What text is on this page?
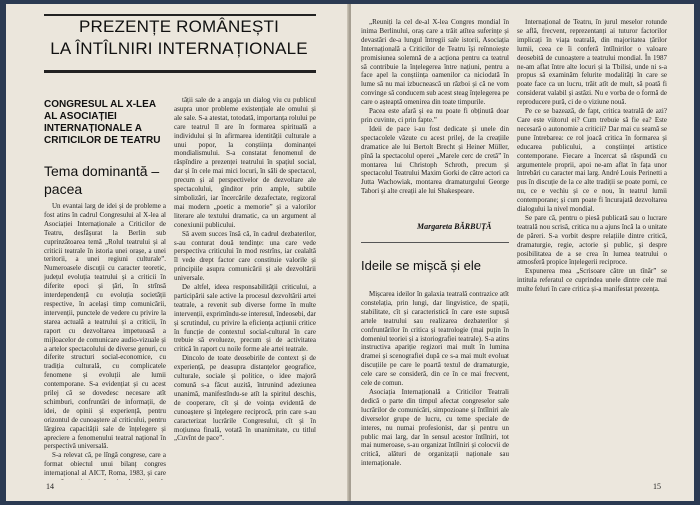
PREZENȚE ROMÂNEȘTI
LA ÎNTÎLNIRI INTERNAȚIONALE
CONGRESUL AL X-LEA AL ASOCIAȚIEI INTERNAȚIONALE A CRITICILOR DE TEATRU
Tema dominantă – pacea

Un evantai larg de idei și de probleme a fost atins în cadrul Congresului al X-lea al Asociației Internaționale a Criticilor de Teatru, desfășurat la Berlin sub cuprinzătoarea temă „Rolul teatrului și al criticii teatrale în istoria unei orașe, a unei teritorii, a unei regiuni culturale”. Numeroasele discuții cu caracter teoretic, județul evoluția teatrului și a criticii în diferite epoci și țări, în strînsă interdependență cu evoluția societății respective, în același timp comunicării, intervenții, punctele de vedere cu privire la starea actuală a teatrului și a criticii, în raport cu dezvoltarea impetuoasă a mijloacelor de comunicare audio-vizuale și a artelor spectacolului de diverse genuri, cu diferite structuri social-economice, cu tradiția culturală, cu complicatele fenomene și evoluții ale lumii contemporane. S-a evidențiat și cu acest prilej că se dovedesc necesare atît schimburi, confruntări de informații, de idei, de opinii și experiență, pentru orizontul de cunoaștere al criticului, pentru lărgirea capacității sale de înțelegere și apreciere a fenomenului teatral național în perspectivă universală.

S-a relevat că, pe lîngă congrese, care a format obiectul unui bilanț congres internațional al AICT, Roma, 1983, și care

tății sale de a angaja un dialog viu cu publicul asupra unor probleme existențiale ale omului și ale sale. S-a atestat, totodată, importanța rolului pe care teatrul îl are în formarea spirituală a individului și în afirmarea identității culturale a unui popor, la conștiința dominanței mondialismului. S-a constatat fenomenul de răspîndire a prezenței teatrului în spațiul social, dar și în cele mai mici locuri, în săli de spectacol, precum și al perspectivelor de dezvoltare ale spectacolului, gînditor prin ample, subtile simbolizări, iar încercările dezafectate, regizoral mai modern „poetic a memorie” și a valorilor literare ale textului dramatic, ca un argument al conexiunii publicului.

Să avem succes însă că, în cadrul dezbaterilor, s-au conturat două tendințe: una care vede perspectiva criticului în mod restrîns, iar cealaltă îl vede drept factor care constituie valorile și principiile asupra comunicării și ale dezvoltării universale.

De altfel, ideea responsabilității criticului, a participării sale active la procesul dezvoltării artei teatrale, a revenit sub diverse forme în multe intervenții, exprimîndu-se interesul, îndeosebi, dar și scrutindul, cu privire la eficiența acțiunii critice în funcție de contextul social-cultural în care trebuie să evolueze, precum și de activitatea critică în raport cu noile forme ale artei teatrale.

Dincolo de toate deosebirile de context și de experiență, pe deasupra distanțelor geografice, culturale, sociale și politice, o idee majoră comună s-a făcut auzită, întrunind adeziunea unanimă, manifestîndu-se atît la spiritul deschis, de cooperare, cît și de voința evidentă de cunoaștere și înțelegere reciprocă, prin care s-au caracterizat lucrările Congresului, cît și în moțiunea finală, votată în unanimitate, cu titlul „Cuvînt de pace”.

14

„Reuniți la cel de-al X-lea Congres mondial în inima Berlinului, oraș care a trăit atîtea suferințe și devastări de-a lungul întregii sale istorii, Asociația Internațională a Criticilor de Teatru își reînnoiește promisiunea solemnă de a acționa pentru ca teatrul să contribuie la înțelegerea între națiuni, pentru a face apel la conștiința oamenilor ca niciodată în lume să nu mai izbucnească un război și că ne vom convinge să conducem sub acest steag înțelegerea pe care o așteaptă omenirea din toate timpurile.

Pacea este afară și ea nu poate fi obținută doar prin cuvinte, ci prin fapte.”

Ideii de pace i-au fost dedicate și unele din spectacolele văzute cu acest prilej, de la creațiile dramatice ale lui Bertolt Brecht și Heiner Müller, pînă la spectacolul operei „Marele cerc de cretă” în montarea lui Christoph Schroth, precum și spectacolul Teatrului Maxim Gorki de către actori ca Jutta Wachowiak, montarea dramaturgului George Tabori și alte creații ale lui Shakespeare.

Margareta BĂRBUȚĂ
Ideile se mișcă și ele

Mișcarea ideilor în galaxia teatrală contrazice atît constelația, prin lungi, dar lingvistice, de spații, stabilitate, cît și caracteristică în care este supusă artele teatrului sau realizarea dezbaterilor și confruntărilor în critica și teatrologie (mai puțin în domeniul teoriei și a istoriografiei teatrale). S-a atins instructiva apariție regizori mai mult în lumina dramei și scenografiei după ce s-a mai mult evoluat discuțiile pe care le poartă textul de dramaturgie, cele care se consideră, din ce în ce mai frecvent, cele de comun.

Asociația Internațională a Criticilor Teatrali dedică o parte din timpul afectat congreselor sale lucrărilor de comunicări, simpozioane și întîlniri ale diverselor grupe de lucru, cu teme speciale de interes, nu numai profesionist, dar și pentru un public mai larg, dar în sensul acestor întîlniri, tot mai numeroase, s-au organizat întîlniri și colocvii de critică, alături de organizații naționale sau internaționale.

Internațional de Teatru, în jurul meselor rotunde se află, frecvent, reprezentanți ai tuturor factorilor implicați în viața teatrală, din majoritatea țărilor lumii, ceea ce îi conferă întîlnirilor o valoare deosebită de cunoaștere a teatrului mondial. În 1987 ne-am aflat între alte locuri și la Tbilisi, unde ni s-a propus să examinăm felurite modalități în care se poate face ca un lucru, trăit atît de mult, să poată fi considerat valabil și astăzi. Nu e vorba de o formă de reproducere pură, ci de o viziune nouă.

Pe ce se bazează, de fapt, critica teatrală de azi? Care este viitorul ei? Cum trebuie să fie ea? Este necesară o autonomie a criticii? Dar mai cu seamă se pune întrebarea: ce rol joacă critica în formarea și educarea publicului, a conștiinței artistice contemporane. Fiecare a încercat să răspundă cu argumentele proprii, apoi ne-am aflat în fața unor întrebări cu caracter mai larg. André Louis Perinetti a pus în discuție de la ce alte tradiții se poate porni, ce nu, ce e vechiu și ce e nou, în teatrul lumii contemporane; și cum poate fi încurajată dezvoltarea dialogului la nivel mondial.

Se pare că, pentru o piesă publicată sau o lucrare teatrală nou scrisă, critica nu a ajuns încă la o unitate de păreri. S-a vorbit despre relațiile dintre critică, dramaturgie, regie, actorie și public, și despre posibilitatea de a se crea în lumea teatrului o atmosferă propice înțelegerii reciproce.

Expunerea mea „Scrisoare către un tînăr” se intitula referatul ce cuprindea unele dintre cele mai multe feluri în care critica și-a manifestat prezența.

15
